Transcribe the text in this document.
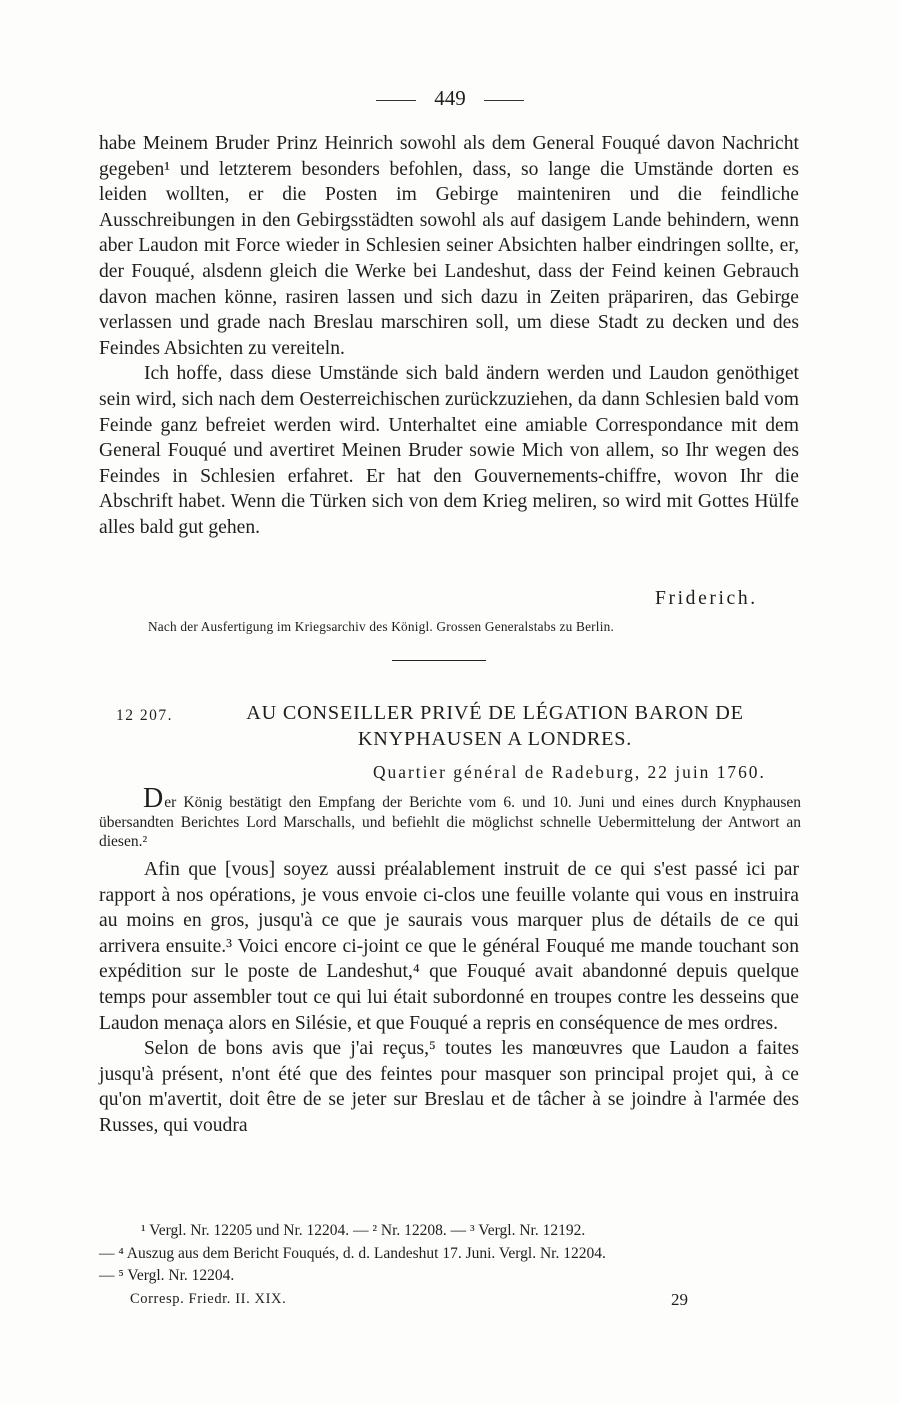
449

habe Meinem Bruder Prinz Heinrich sowohl als dem General Fouqué davon Nachricht gegeben¹ und letzterem besonders befohlen, dass, so lange die Umstände dorten es leiden wollten, er die Posten im Gebirge mainteniren und die feindliche Ausschreibungen in den Gebirgsstädten sowohl als auf dasigem Lande behindern, wenn aber Laudon mit Force wieder in Schlesien seiner Absichten halber eindringen sollte, er, der Fouqué, alsdenn gleich die Werke bei Landeshut, dass der Feind keinen Gebrauch davon machen könne, rasiren lassen und sich dazu in Zeiten präpariren, das Gebirge verlassen und grade nach Breslau marschiren soll, um diese Stadt zu decken und des Feindes Absichten zu vereiteln.

Ich hoffe, dass diese Umstände sich bald ändern werden und Laudon genöthiget sein wird, sich nach dem Oesterreichischen zurückzuziehen, da dann Schlesien bald vom Feinde ganz befreiet werden wird. Unterhaltet eine amiable Correspondance mit dem General Fouqué und avertiret Meinen Bruder sowie Mich von allem, so Ihr wegen des Feindes in Schlesien erfahret. Er hat den Gouvernements-chiffre, wovon Ihr die Abschrift habet. Wenn die Türken sich von dem Krieg meliren, so wird mit Gottes Hülfe alles bald gut gehen.

Friderich.
Nach der Ausfertigung im Kriegsarchiv des Königl. Grossen Generalstabs zu Berlin.
12 207.	AU CONSEILLER PRIVÉ DE LÉGATION BARON DE
KNYPHAUSEN A LONDRES.
Quartier général de Radeburg, 22 juin 1760.
Der König bestätigt den Empfang der Berichte vom 6. und 10. Juni und eines durch Knyphausen übersandten Berichtes Lord Marschalls, und befiehlt die möglichst schnelle Uebermittelung der Antwort an diesen.²

Afin que [vous] soyez aussi préalablement instruit de ce qui s'est passé ici par rapport à nos opérations, je vous envoie ci-clos une feuille volante qui vous en instruira au moins en gros, jusqu'à ce que je saurais vous marquer plus de détails de ce qui arrivera ensuite.³ Voici encore ci-joint ce que le général Fouqué me mande touchant son expédition sur le poste de Landeshut,⁴ que Fouqué avait abandonné depuis quelque temps pour assembler tout ce qui lui était subordonné en troupes contre les desseins que Laudon menaça alors en Silésie, et que Fouqué a repris en conséquence de mes ordres.

Selon de bons avis que j'ai reçus,⁵ toutes les manœuvres que Laudon a faites jusqu'à présent, n'ont été que des feintes pour masquer son principal projet qui, à ce qu'on m'avertit, doit être de se jeter sur Breslau et de tâcher à se joindre à l'armée des Russes, qui voudra

¹ Vergl. Nr. 12205 und Nr. 12204. — ² Nr. 12208. — ³ Vergl. Nr. 12192.

— ⁴ Auszug aus dem Bericht Fouqués, d. d. Landeshut 17. Juni. Vergl. Nr. 12204.

— ⁵ Vergl. Nr. 12204.

Corresp. Friedr. II. XIX.	29
